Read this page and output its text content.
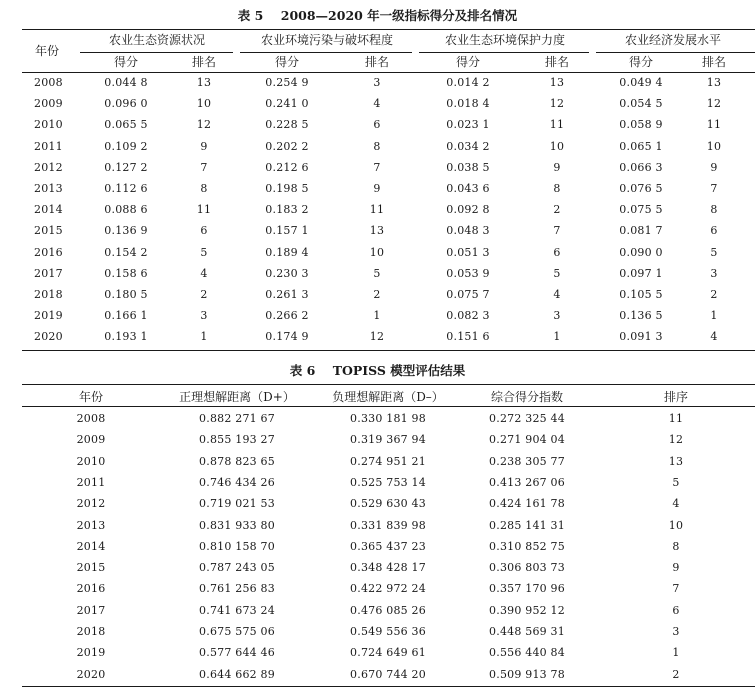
表 5    2008—2020 年一级指标得分及排名情况
年份
农业生态资源状况	农业环境污染与破坏程度	农业生态环境保护力度	农业经济发展水平
得分	排名	得分	排名	得分	排名	得分	排名
2008	0.044 8	13	0.254 9	3	0.014 2	13	0.049 4	13
2009	0.096 0	10	0.241 0	4	0.018 4	12	0.054 5	12
2010	0.065 5	12	0.228 5	6	0.023 1	11	0.058 9	11
2011	0.109 2	9	0.202 2	8	0.034 2	10	0.065 1	10
2012	0.127 2	7	0.212 6	7	0.038 5	9	0.066 3	9
2013	0.112 6	8	0.198 5	9	0.043 6	8	0.076 5	7
2014	0.088 6	11	0.183 2	11	0.092 8	2	0.075 5	8
2015	0.136 9	6	0.157 1	13	0.048 3	7	0.081 7	6
2016	0.154 2	5	0.189 4	10	0.051 3	6	0.090 0	5
2017	0.158 6	4	0.230 3	5	0.053 9	5	0.097 1	3
2018	0.180 5	2	0.261 3	2	0.075 7	4	0.105 5	2
2019	0.166 1	3	0.266 2	1	0.082 3	3	0.136 5	1
2020	0.193 1	1	0.174 9	12	0.151 6	1	0.091 3	4
表 6    TOPISS 模型评估结果
年份	正理想解距离（D+）	负理想解距离（D–）	综合得分指数	排序
2008	0.882 271 67	0.330 181 98	0.272 325 44	11
2009	0.855 193 27	0.319 367 94	0.271 904 04	12
2010	0.878 823 65	0.274 951 21	0.238 305 77	13
2011	0.746 434 26	0.525 753 14	0.413 267 06	5
2012	0.719 021 53	0.529 630 43	0.424 161 78	4
2013	0.831 933 80	0.331 839 98	0.285 141 31	10
2014	0.810 158 70	0.365 437 23	0.310 852 75	8
2015	0.787 243 05	0.348 428 17	0.306 803 73	9
2016	0.761 256 83	0.422 972 24	0.357 170 96	7
2017	0.741 673 24	0.476 085 26	0.390 952 12	6
2018	0.675 575 06	0.549 556 36	0.448 569 31	3
2019	0.577 644 46	0.724 649 61	0.556 440 84	1
2020	0.644 662 89	0.670 744 20	0.509 913 78	2
